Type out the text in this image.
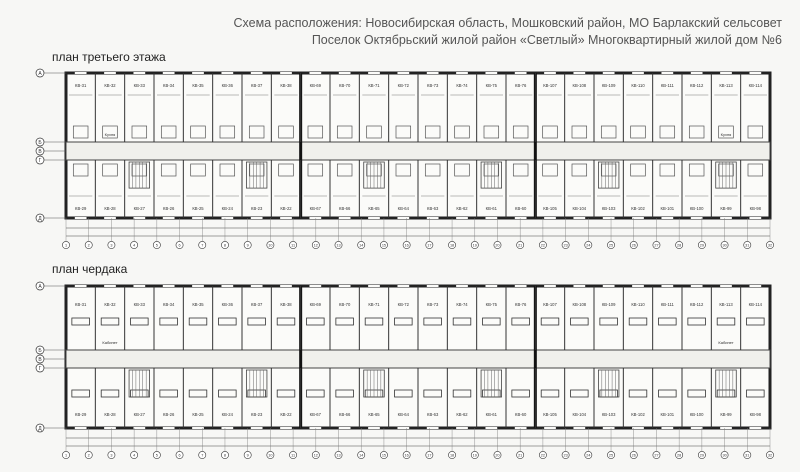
Схема расположения: Новосибирская область, Мошковский район, МО Барлакский сельсовет
Поселок Октябрьский жилой район «Светлый» Многоквартирный жилой дом №6
план третьего этажа
план чердака
КВ-31
КВ-29
КВ-32
КВ-28
КВ-33
КВ-27
КВ-34
КВ-26
КВ-35
КВ-25
КВ-36
КВ-24
КВ-37
КВ-23
КВ-38
КВ-22
КВ-69
КВ-67
КВ-70
КВ-66
КВ-71
КВ-65
КВ-72
КВ-64
КВ-73
КВ-63
КВ-74
КВ-62
КВ-75
КВ-61
КВ-76
КВ-60
КВ-107
КВ-105
КВ-108
КВ-104
КВ-109
КВ-103
КВ-110
КВ-102
КВ-111
КВ-101
КВ-112
КВ-100
КВ-113
КВ-99
КВ-114
КВ-98
Кухня	Кухня
А
Б
В
Г
Д
1	2	3	4	5	6	7	8	9	10	11	12	13	14	15	16	17	18	19	20	21	22	23	24	25	26	27	28	29	30	31	32
КВ-31
КВ-29
КВ-32
КВ-28
КВ-33
КВ-27
КВ-34
КВ-26
КВ-35
КВ-25
КВ-36
КВ-24
КВ-37
КВ-23
КВ-38
КВ-22
КВ-69
КВ-67
КВ-70
КВ-66
КВ-71
КВ-65
КВ-72
КВ-64
КВ-73
КВ-63
КВ-74
КВ-62
КВ-75
КВ-61
КВ-76
КВ-60
КВ-107
КВ-105
КВ-108
КВ-104
КВ-109
КВ-103
КВ-110
КВ-102
КВ-111
КВ-101
КВ-112
КВ-100
КВ-113
КВ-99
КВ-114
КВ-98
Кабинет	Кабинет
А
Б
В
Г
Д
1	2	3	4	5	6	7	8	9	10	11	12	13	14	15	16	17	18	19	20	21	22	23	24	25	26	27	28	29	30	31	32
